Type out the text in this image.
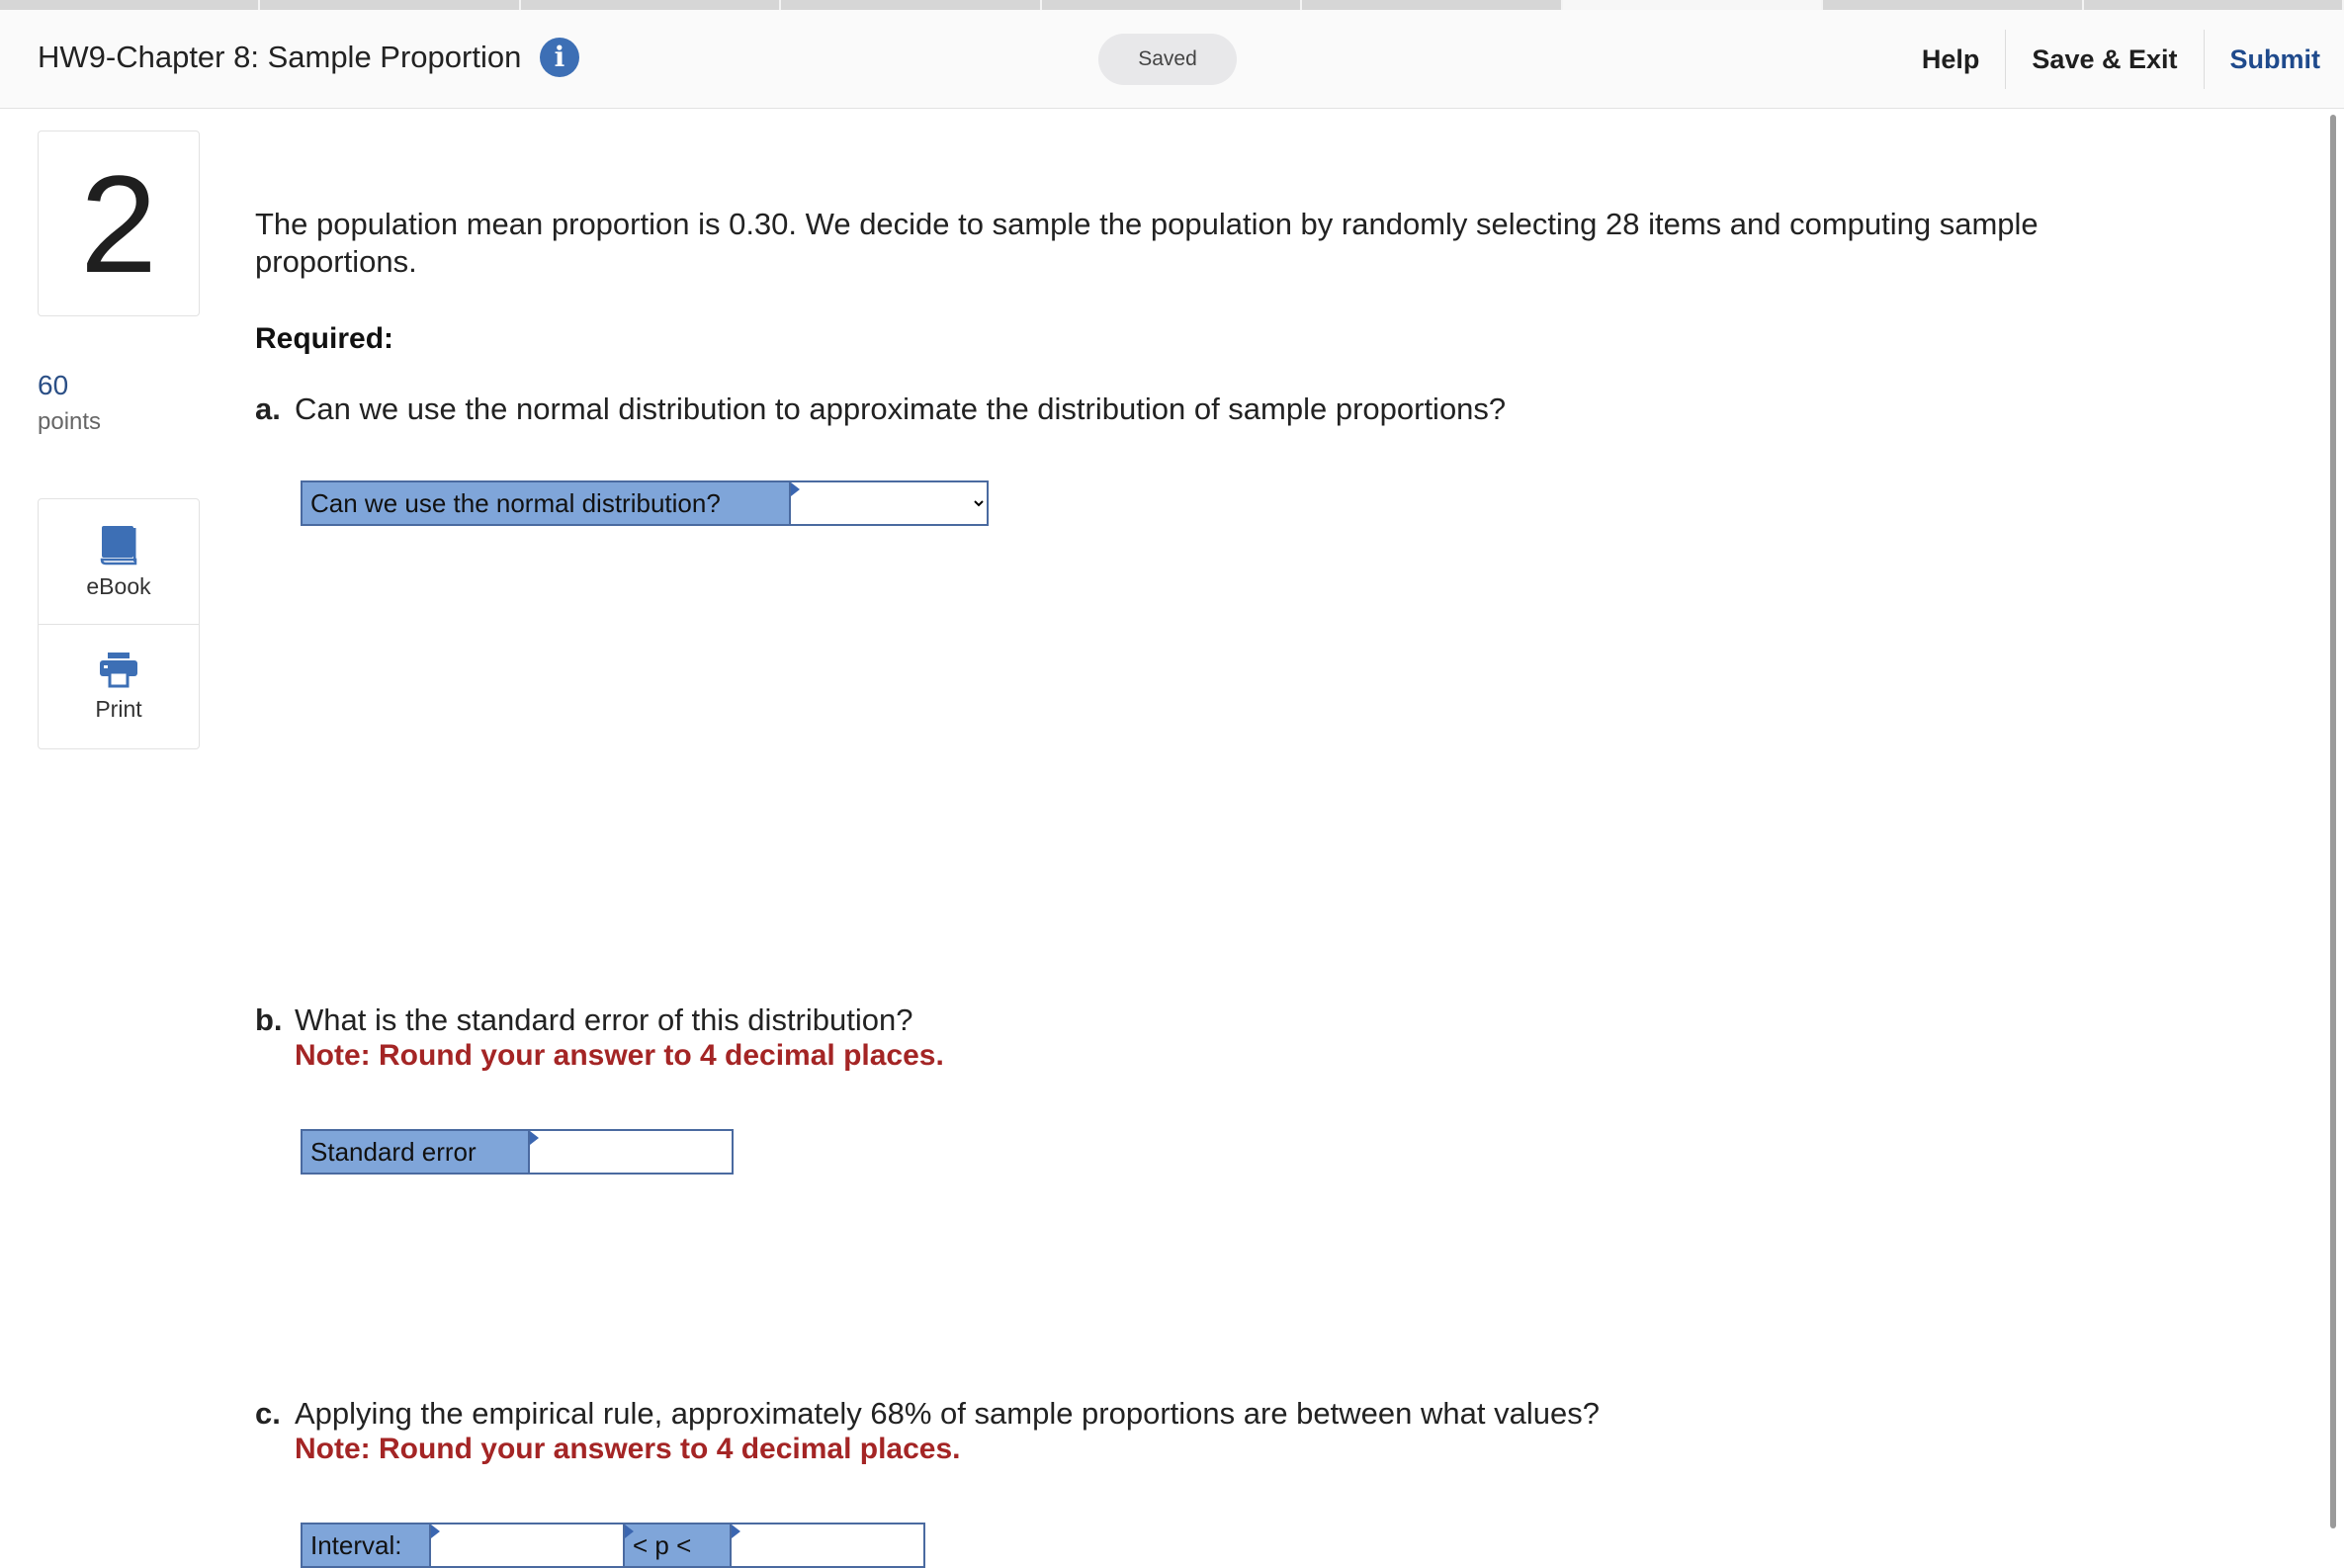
HW9-Chapter 8: Sample Proportion	i	Saved	Help	Save & Exit	Submit
2
60
points
eBook
Print
The population mean proportion is 0.30. We decide to sample the population by randomly selecting 28 items and computing sample proportions.
Required:
a. Can we use the normal distribution to approximate the distribution of sample proportions?
Can we use the normal distribution?
b. What is the standard error of this distribution?
Note: Round your answer to 4 decimal places.
Standard error
c. Applying the empirical rule, approximately 68% of sample proportions are between what values?
Note: Round your answers to 4 decimal places.
Interval:	< p <
